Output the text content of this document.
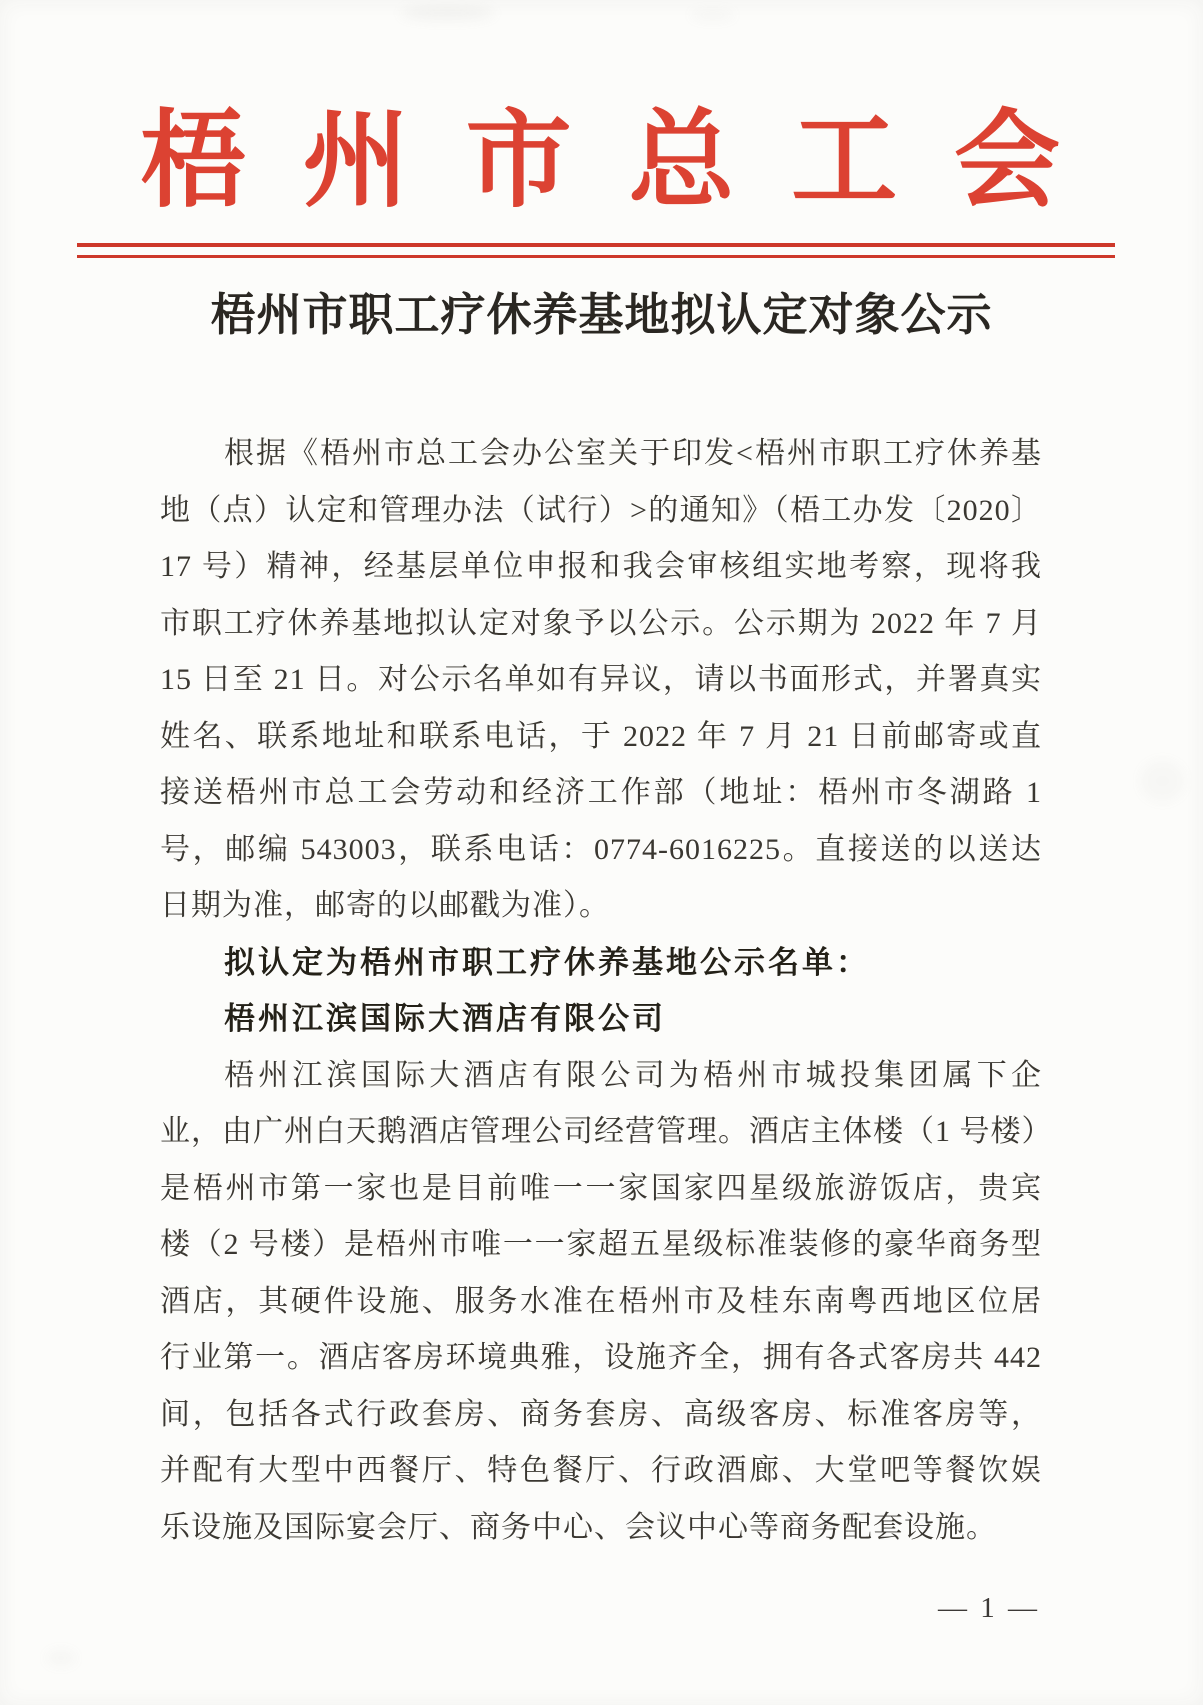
梧 州 市 总 工 会
梧州市职工疗休养基地拟认定对象公示
根据《梧州市总工会办公室关于印发<梧州市职工疗休养基
地（点）认定和管理办法（试行）>的通知》（梧工办发〔2020〕
17 号）精神，经基层单位申报和我会审核组实地考察，现将我
市职工疗休养基地拟认定对象予以公示。公示期为 2022 年 7 月
15 日至 21 日。对公示名单如有异议，请以书面形式，并署真实
姓名、联系地址和联系电话，于 2022 年 7 月 21 日前邮寄或直
接送梧州市总工会劳动和经济工作部（地址：梧州市冬湖路 1
号，邮编 543003，联系电话：0774-6016225。直接送的以送达
日期为准，邮寄的以邮戳为准）。
拟认定为梧州市职工疗休养基地公示名单：
梧州江滨国际大酒店有限公司
梧州江滨国际大酒店有限公司为梧州市城投集团属下企
业，由广州白天鹅酒店管理公司经营管理。酒店主体楼（1 号楼）
是梧州市第一家也是目前唯一一家国家四星级旅游饭店，贵宾
楼（2 号楼）是梧州市唯一一家超五星级标准装修的豪华商务型
酒店，其硬件设施、服务水准在梧州市及桂东南粤西地区位居
行业第一。酒店客房环境典雅，设施齐全，拥有各式客房共 442
间，包括各式行政套房、商务套房、高级客房、标准客房等，
并配有大型中西餐厅、特色餐厅、行政酒廊、大堂吧等餐饮娱
乐设施及国际宴会厅、商务中心、会议中心等商务配套设施。
— 1 —
